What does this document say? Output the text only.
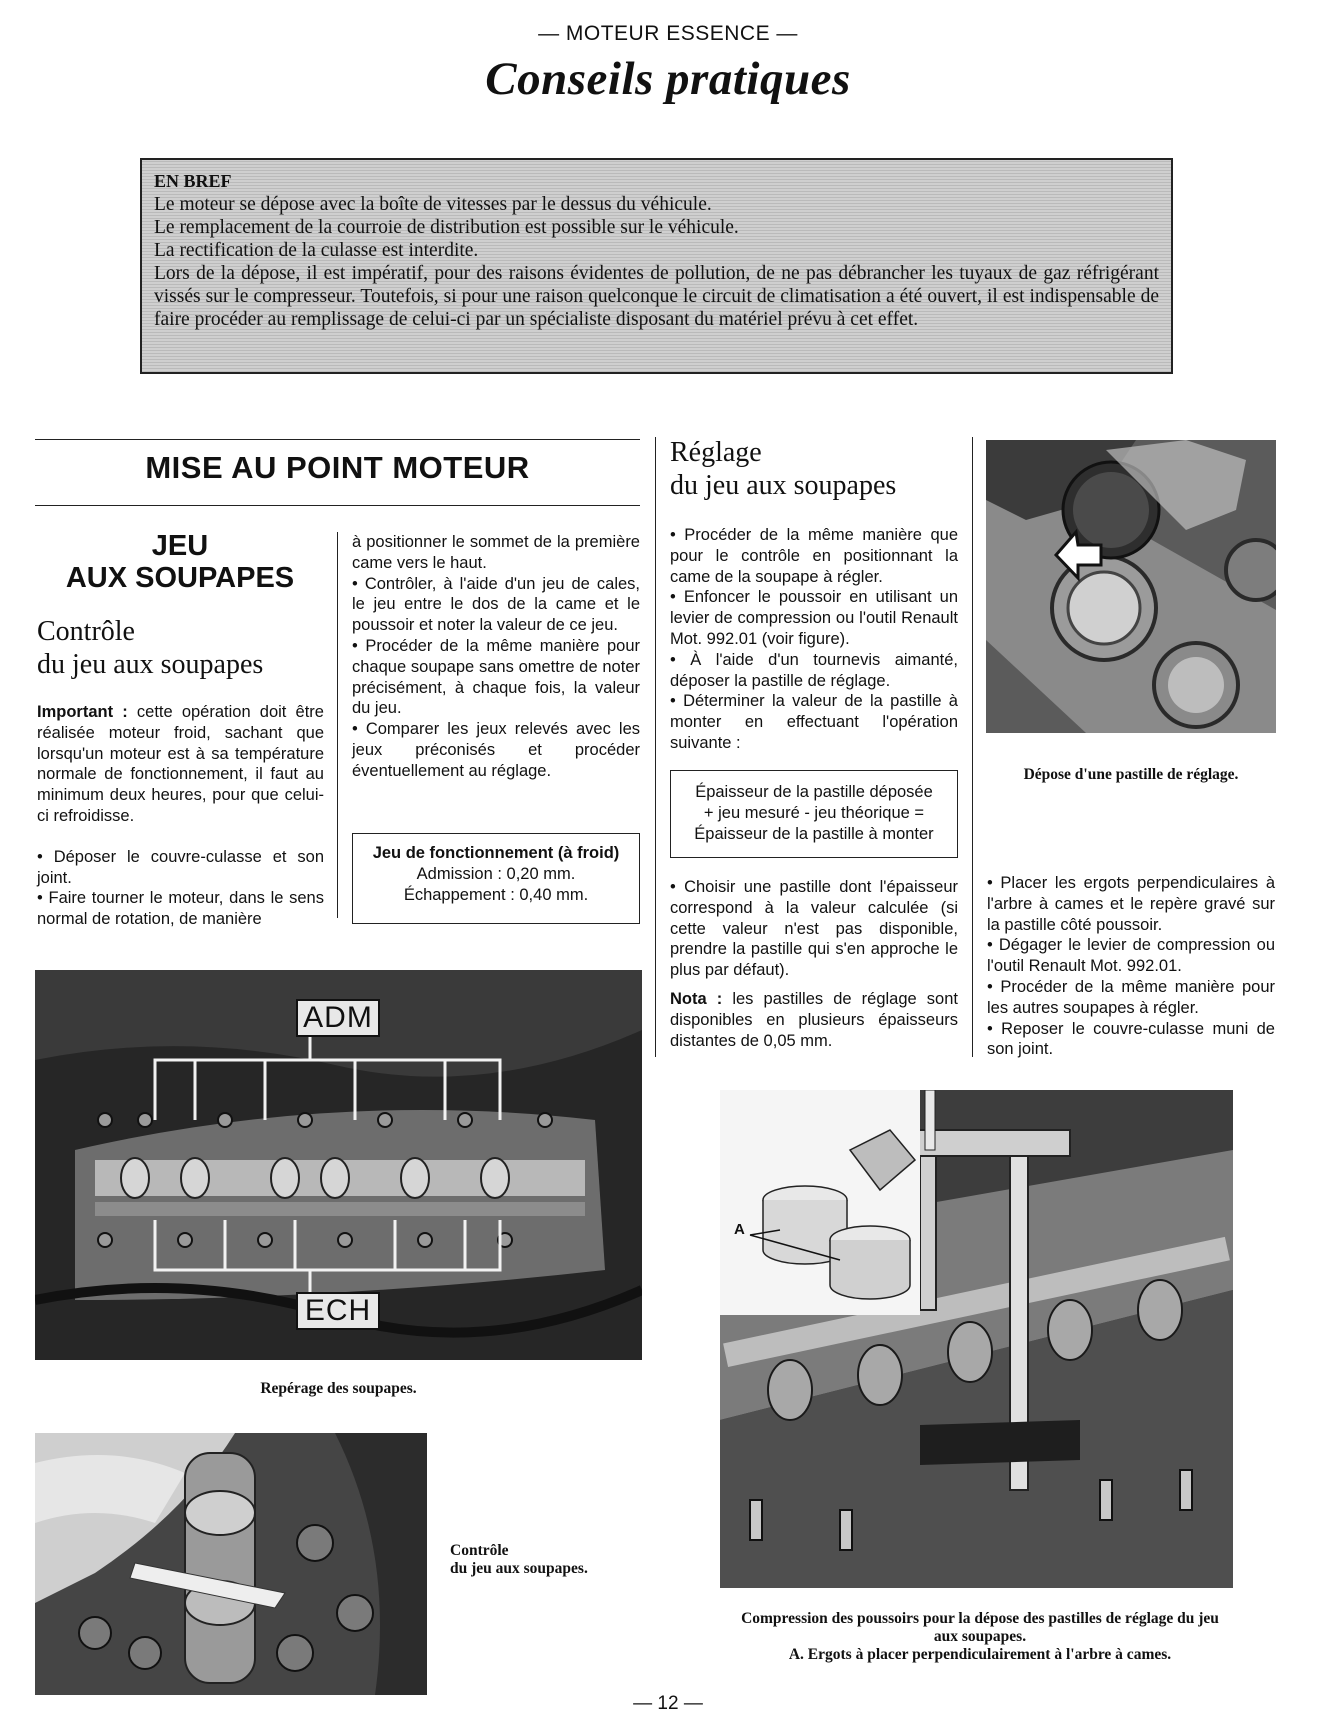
— MOTEUR ESSENCE —
Conseils pratiques
EN BREF

Le moteur se dépose avec la boîte de vitesses par le dessus du véhicule.

Le remplacement de la courroie de distribution est possible sur le véhicule.

La rectification de la culasse est interdite.

Lors de la dépose, il est impératif, pour des raisons évidentes de pollution, de ne pas débrancher les tuyaux de gaz réfrigérant vissés sur le compresseur. Toutefois, si pour une raison quelconque le circuit de climatisation a été ouvert, il est indispensable de faire procéder au remplissage de celui-ci par un spécialiste disposant du matériel prévu à cet effet.

MISE AU POINT MOTEUR
JEU
AUX SOUPAPES
Contrôle
du jeu aux soupapes

Important : cette opération doit être réalisée moteur froid, sachant que lorsqu'un moteur est à sa température normale de fonctionnement, il faut au minimum deux heures, pour que celui-ci refroidisse.

• Déposer le couvre-culasse et son joint.

• Faire tourner le moteur, dans le sens normal de rotation, de manière

à positionner le sommet de la première came vers le haut.

• Contrôler, à l'aide d'un jeu de cales, le jeu entre le dos de la came et le poussoir et noter la valeur de ce jeu.

• Procéder de la même manière pour chaque soupape sans omettre de noter précisément, à chaque fois, la valeur du jeu.

• Comparer les jeux relevés avec les jeux préconisés et procéder éventuellement au réglage.

Jeu de fonctionnement (à froid)
Admission : 0,20 mm.
Échappement : 0,40 mm.
Réglage
du jeu aux soupapes

• Procéder de la même manière que pour le contrôle en positionnant la came de la soupape à régler.

• Enfoncer le poussoir en utilisant un levier de compression ou l'outil Renault Mot. 992.01 (voir figure).

• À l'aide d'un tournevis aimanté, déposer la pastille de réglage.

• Déterminer la valeur de la pastille à monter en effectuant l'opération suivante :

Épaisseur de la pastille déposée
+ jeu mesuré - jeu théorique =
Épaisseur de la pastille à monter

• Choisir une pastille dont l'épaisseur correspond à la valeur calculée (si cette valeur n'est pas disponible, prendre la pastille qui s'en approche le plus par défaut).

Nota : les pastilles de réglage sont disponibles en plusieurs épaisseurs distantes de 0,05 mm.

Dépose d'une pastille de réglage.

• Placer les ergots perpendiculaires à l'arbre à cames et le repère gravé sur la pastille côté poussoir.

• Dégager le levier de compression ou l'outil Renault Mot. 992.01.

• Procéder de la même manière pour les autres soupapes à régler.

• Reposer le couvre-culasse muni de son joint.

ADM
ECH
Repérage des soupapes.
Contrôle
du jeu aux soupapes.
A
Compression des poussoirs pour la dépose des pastilles de réglage du jeu
aux soupapes.
A. Ergots à placer perpendiculairement à l'arbre à cames.
— 12 —
